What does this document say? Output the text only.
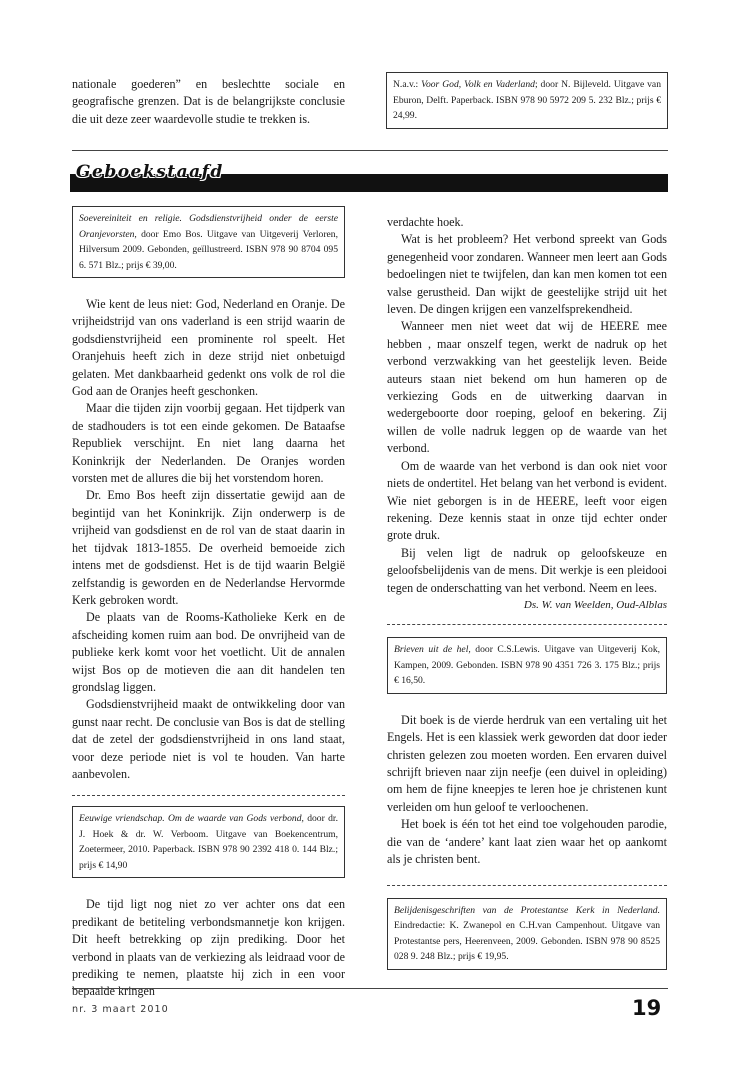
nationale goederen” en beslechtte sociale en geografische grenzen. Dat is de belangrijkste conclusie die uit deze zeer waardevolle studie te trekken is.

N.a.v.: Voor God, Volk en Vaderland; door N. Bijleveld. Uitgave van Eburon, Delft. Paperback. ISBN 978 90 5972 209 5. 232 Blz.; prijs € 24,99.
Geboekstaafd
Soevereiniteit en religie. Godsdienstvrijheid onder de eerste Oranjevorsten, door Emo Bos. Uitgave van Uitgeverij Verloren, Hilversum 2009. Gebonden, geïllustreerd. ISBN 978 90 8704 095 6. 571 Blz.; prijs € 39,00.

Wie kent de leus niet: God, Nederland en Oranje. De vrijheidstrijd van ons vaderland is een strijd waarin de godsdienstvrijheid een prominente rol speelt. Het Oranjehuis heeft zich in deze strijd niet onbetuigd gelaten. Met dankbaarheid gedenkt ons volk de rol die God aan de Oranjes heeft geschonken.

Maar die tijden zijn voorbij gegaan. Het tijdperk van de stadhouders is tot een einde gekomen. De Bataafse Republiek verschijnt. En niet lang daarna het Koninkrijk der Nederlanden. De Oranjes worden vorsten met de allures die bij het vorstendom horen.

Dr. Emo Bos heeft zijn dissertatie gewijd aan de begintijd van het Koninkrijk. Zijn onderwerp is de vrijheid van godsdienst en de rol van de staat daarin in het tijdvak 1813-1855. De overheid bemoeide zich intens met de godsdienst. Het is de tijd waarin België zelfstandig is geworden en de Nederlandse Hervormde Kerk gebroken wordt.

De plaats van de Rooms-Katholieke Kerk en de afscheiding komen ruim aan bod. De onvrijheid van de publieke kerk komt voor het voetlicht. Uit de annalen wijst Bos op de motieven die aan dit handelen ten grondslag liggen.

Godsdienstvrijheid maakt de ontwikkeling door van gunst naar recht. De conclusie van Bos is dat de stelling dat de zetel der godsdienstvrijheid in ons land staat, voor deze periode niet is vol te houden. Van harte aanbevolen.

Eeuwige vriendschap. Om de waarde van Gods verbond, door dr. J. Hoek & dr. W. Verboom. Uitgave van Boekencentrum, Zoetermeer, 2010. Paperback. ISBN 978 90 2392 418 0. 144 Blz.; prijs € 14,90

De tijd ligt nog niet zo ver achter ons dat een predikant de betiteling verbondsmannetje kon krijgen. Dit heeft betrekking op zijn prediking. Door het verbond in plaats van de verkiezing als leidraad voor de prediking te nemen, plaatste hij zich in een voor bepaalde kringen

verdachte hoek.

Wat is het probleem? Het verbond spreekt van Gods genegenheid voor zondaren. Wanneer men leert aan Gods bedoelingen niet te twijfelen, dan kan men komen tot een valse gerustheid. Dan wijkt de geestelijke strijd uit het leven. De dingen krijgen een vanzelfsprekendheid.

Wanneer men niet weet dat wij de HEERE mee hebben , maar onszelf tegen, werkt de nadruk op het verbond verzwakking van het geestelijk leven. Beide auteurs staan niet bekend om hun hameren op de verkiezing Gods en de uitwerking daarvan in wedergeboorte door roeping, geloof en bekering. Zij willen de volle nadruk leggen op de waarde van het verbond.

Om de waarde van het verbond is dan ook niet voor niets de ondertitel. Het belang van het verbond is evident. Wie niet geborgen is in de HEERE, leeft voor eigen rekening. Deze kennis staat in onze tijd echter onder grote druk.

Bij velen ligt de nadruk op geloofskeuze en geloofsbelijdenis van de mens. Dit werkje is een pleidooi tegen de onderschatting van het verbond. Neem en lees.

Ds. W. van Weelden, Oud-Alblas
Brieven uit de hel, door C.S.Lewis. Uitgave van Uitgeverij Kok, Kampen, 2009. Gebonden. ISBN 978 90 4351 726 3. 175 Blz.; prijs € 16,50.

Dit boek is de vierde herdruk van een vertaling uit het Engels. Het is een klassiek werk geworden dat door ieder christen gelezen zou moeten worden. Een ervaren duivel schrijft brieven naar zijn neefje (een duivel in opleiding) om hem de fijne kneepjes te leren hoe je christenen kunt verleiden om hun geloof te verloochenen.

Het boek is één tot het eind toe volgehouden parodie, die van de ‘andere’ kant laat zien waar het op aankomt als je christen bent.

Belijdenisgeschriften van de Protestantse Kerk in Nederland. Eindredactie: K. Zwanepol en C.H.van Campenhout. Uitgave van Protestantse pers, Heerenveen, 2009. Gebonden. ISBN 978 90 8525 028 9. 248 Blz.; prijs € 19,95.
nr. 3 maart 2010	19
